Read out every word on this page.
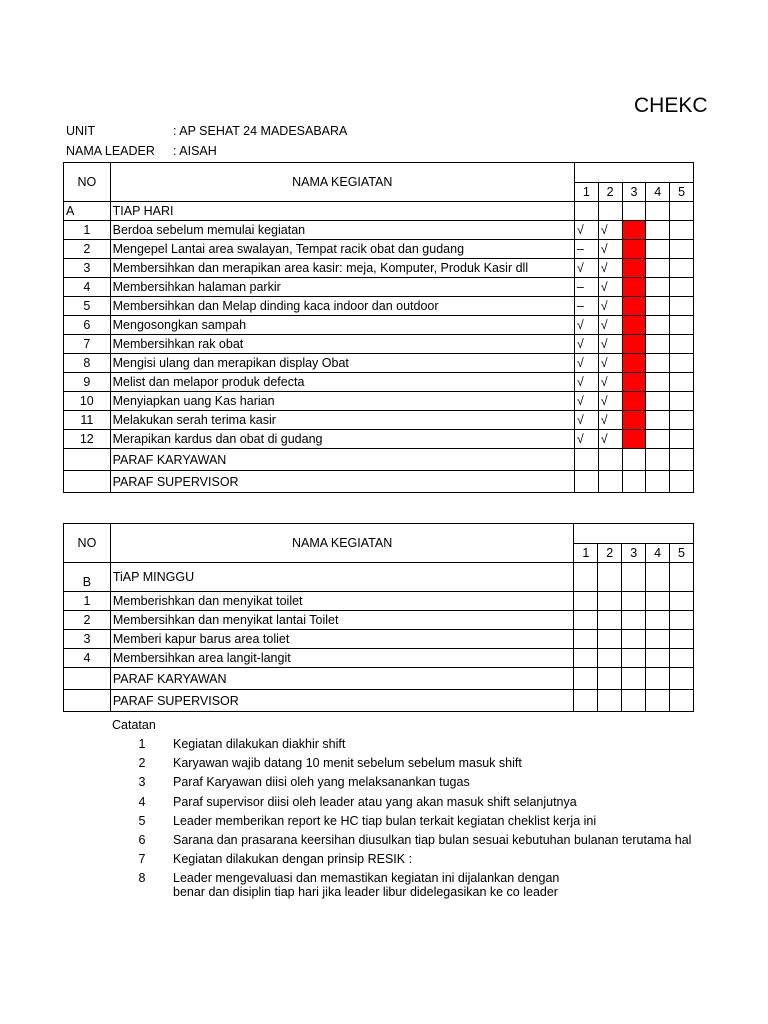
CHEKC
UNIT	: AP SEHAT 24 MADESABARA
NAMA LEADER : AISAH
NO	NAMA KEGIATAN					
		1	2	3	4	5
A	TIAP HARI					
1	Berdoa sebelum memulai kegiatan	√	√			
2	Mengepel Lantai area swalayan, Tempat racik obat dan gudang	–	√			
3	Membersihkan dan merapikan area kasir: meja, Komputer, Produk Kasir dll	√	√			
4	Membersihkan halaman parkir	–	√			
5	Membersihkan dan Melap dinding kaca indoor dan outdoor	–	√			
6	Mengosongkan sampah	√	√			
7	Membersihkan rak obat	√	√			
8	Mengisi ulang dan merapikan display Obat	√	√			
9	Melist dan melapor produk defecta	√	√			
10	Menyiapkan uang Kas harian	√	√			
11	Melakukan serah terima kasir	√	√			
12	Merapikan kardus dan obat di gudang	√	√			
	PARAF KARYAWAN					
	PARAF SUPERVISOR					
NO	NAMA KEGIATAN					
		1	2	3	4	5
B	TiAP MINGGU					
1	Memberishkan dan menyikat toilet					
2	Membersihkan dan menyikat lantai Toilet					
3	Memberi kapur barus area toliet					
4	Membersihkan area langit-langit					
	PARAF KARYAWAN					
	PARAF SUPERVISOR					
Catatan
1	Kegiatan dilakukan diakhir shift
2	Karyawan wajib datang 10 menit sebelum sebelum masuk shift
3	Paraf Karyawan diisi oleh yang melaksanankan tugas
4	Paraf supervisor diisi oleh leader atau yang akan masuk shift selanjutnya
5	Leader memberikan report ke HC tiap bulan terkait kegiatan cheklist kerja ini
6	Sarana dan prasarana keersihan diusulkan tiap bulan sesuai kebutuhan bulanan terutama hal
7	Kegiatan dilakukan dengan prinsip RESIK :
8	Leader mengevaluasi dan memastikan kegiatan ini dijalankan dengan
benar dan disiplin tiap hari jika leader libur didelegasikan ke co leader
